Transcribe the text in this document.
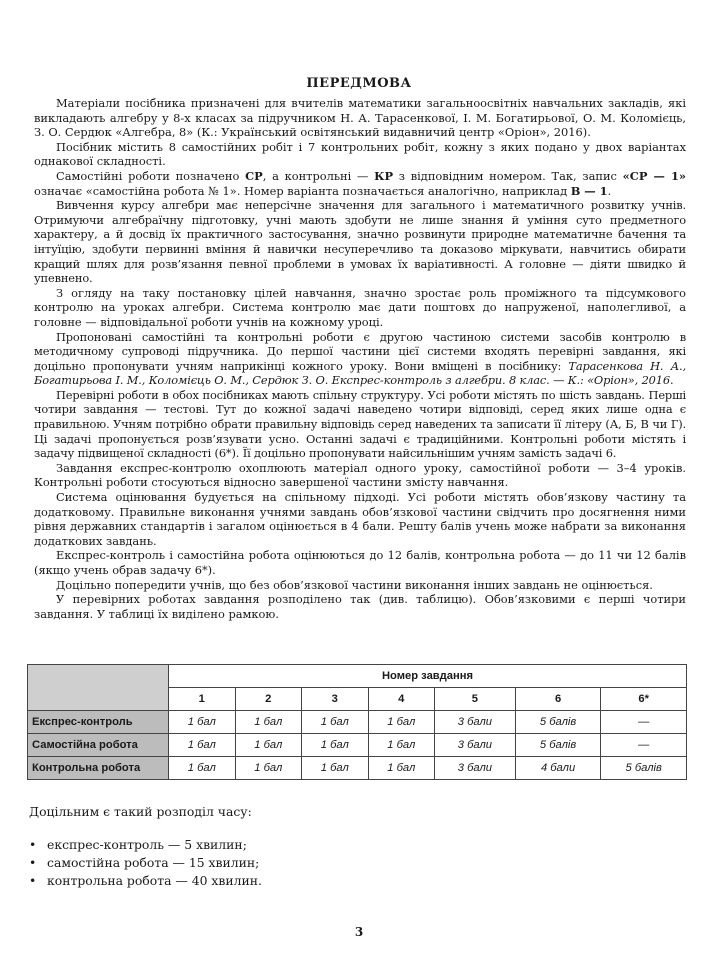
ПЕРЕДМОВА

Матеріали посібника призначені для вчителів математики загальноосвітніх навчальних закладів, які викладають алгебру у 8-х класах за підручником Н. А. Тарасенкової, І. М. Богатирьової, О. М. Коломієць, З. О. Сердюк «Алгебра, 8» (К.: Український освітянський видавничий центр «Оріон», 2016).

Посібник містить 8 самостійних робіт і 7 контрольних робіт, кожну з яких подано у двох варіантах однакової складності.

Самостійні роботи позначено СР, а контрольні — КР з відповідним номером. Так, запис «СР — 1» означає «самостійна робота № 1». Номер варіанта позначається аналогічно, наприклад В — 1.

Вивчення курсу алгебри має неперсічне значення для загального і математичного розвитку учнів. Отримуючи алгебраїчну підготовку, учні мають здобути не лише знання й уміння суто предметного характеру, а й досвід їх практичного застосування, значно розвинути природне математичне бачення та інтуїцію, здобути первинні вміння й навички несуперечливо та доказово міркувати, навчитись обирати кращий шлях для розв’язання певної проблеми в умовах їх варіативності. А головне — діяти швидко й упевнено.

З огляду на таку постановку цілей навчання, значно зростає роль проміжного та підсумкового контролю на уроках алгебри. Система контролю має дати поштовх до напруженої, наполегливої, а головне — відповідальної роботи учнів на кожному уроці.

Пропоновані самостійні та контрольні роботи є другою частиною системи засобів контролю в методичному супроводі підручника. До першої частини цієї системи входять перевірні завдання, які доцільно пропонувати учням наприкінці кожного уроку. Вони вміщені в посібнику: Тарасенкова Н. А., Богатирьова І. М., Коломієць О. М., Сердюк З. О. Експрес-контроль з алгебри. 8 клас. — К.: «Оріон», 2016.

Перевірні роботи в обох посібниках мають спільну структуру. Усі роботи містять по шість завдань. Перші чотири завдання — тестові. Тут до кожної задачі наведено чотири відповіді, серед яких лише одна є правильною. Учням потрібно обрати правильну відповідь серед наведених та записати її літеру (А, Б, В чи Г). Ці задачі пропонується розв’язувати усно. Останні задачі є традиційними. Контрольні роботи містять і задачу підвищеної складності (6*). Її доцільно пропонувати найсильнішим учням замість задачі 6.

Завдання експрес-контролю охоплюють матеріал одного уроку, самостійної роботи — 3–4 уроків. Контрольні роботи стосуються відносно завершеної частини змісту навчання.

Система оцінювання будується на спільному підході. Усі роботи містять обов’язкову частину та додатковому. Правильне виконання учнями завдань обов’язкової частини свідчить про досягнення ними рівня державних стандартів і загалом оцінюється в 4 бали. Решту балів учень може набрати за виконання додаткових завдань.

Експрес-контроль і самостійна робота оцінюються до 12 балів, контрольна робота — до 11 чи 12 балів (якщо учень обрав задачу 6*).

Доцільно попередити учнів, що без обов’язкової частини виконання інших завдань не оцінюється.

У перевірних роботах завдання розподілено так (див. таблицю). Обов’язковими є перші чотири завдання. У таблиці їх виділено рамкою.

	Номер завдання						
	1	2	3	4	5	6	6*
Експрес-контроль	1 бал	1 бал	1 бал	1 бал	3 бали	5 балів	—
Самостійна робота	1 бал	1 бал	1 бал	1 бал	3 бали	5 балів	—
Контрольна робота	1 бал	1 бал	1 бал	1 бал	3 бали	4 бали	5 балів
Доцільним є такий розподіл часу:
• експрес-контроль — 5 хвилин;
• самостійна робота — 15 хвилин;
• контрольна робота — 40 хвилин.
3
